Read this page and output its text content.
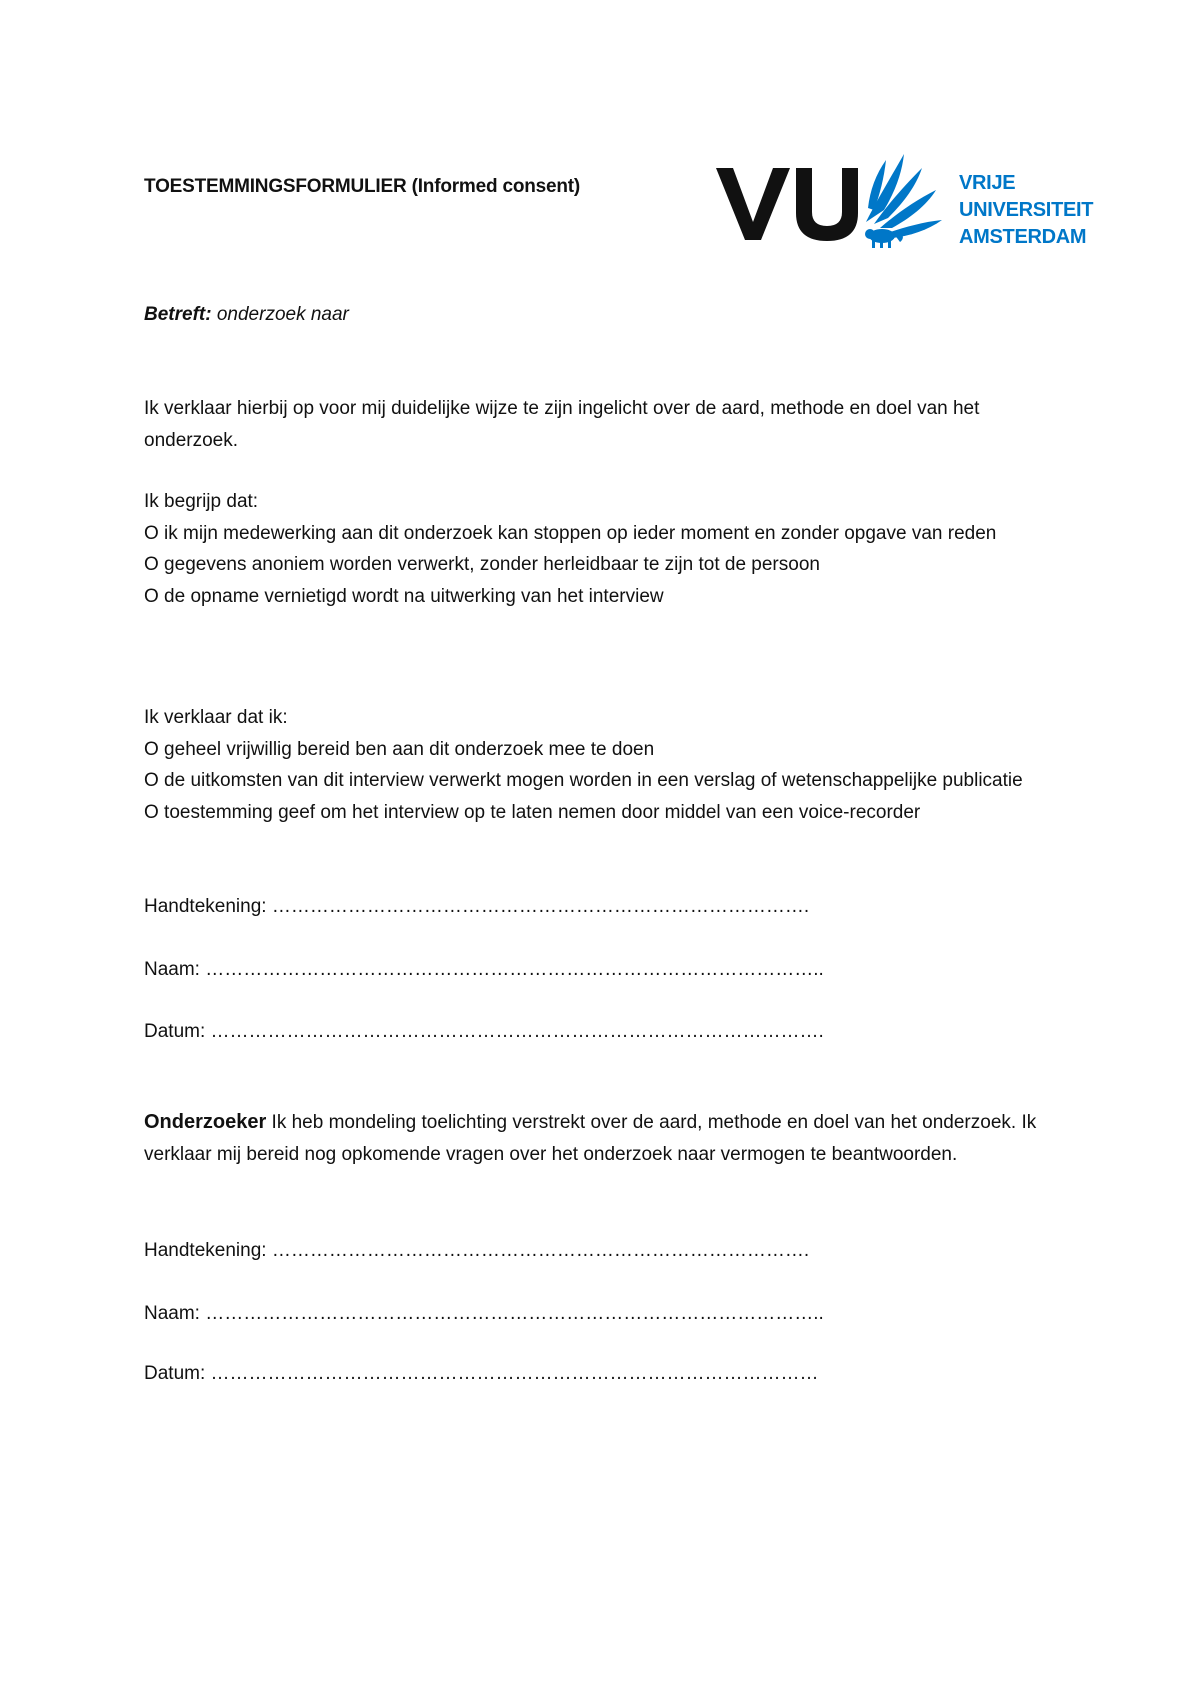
TOESTEMMINGSFORMULIER (Informed consent)	VRIJE
UNIVERSITEIT
AMSTERDAM
Betreft: onderzoek naar

Ik verklaar hierbij op voor mij duidelijke wijze te zijn ingelicht over de aard, methode en doel van het onderzoek.

Ik begrijp dat:

O ik mijn medewerking aan dit onderzoek kan stoppen op ieder moment en zonder opgave van reden

O gegevens anoniem worden verwerkt, zonder herleidbaar te zijn tot de persoon

O de opname vernietigd wordt na uitwerking van het interview

Ik verklaar dat ik:

O geheel vrijwillig bereid ben aan dit onderzoek mee te doen

O de uitkomsten van dit interview verwerkt mogen worden in een verslag of wetenschappelijke publicatie

O toestemming geef om het interview op te laten nemen door middel van een voice-recorder

Handtekening: ………………………………………………………………………….
Naam: ……………………………………………………………………………………..
Datum: …………………………………………………………………………………….

Onderzoeker Ik heb mondeling toelichting verstrekt over de aard, methode en doel van het onderzoek. Ik verklaar mij bereid nog opkomende vragen over het onderzoek naar vermogen te beantwoorden.

Handtekening: ………………………………………………………………………….
Naam: ……………………………………………………………………………………..
Datum: ……………………………………………………………………………………
